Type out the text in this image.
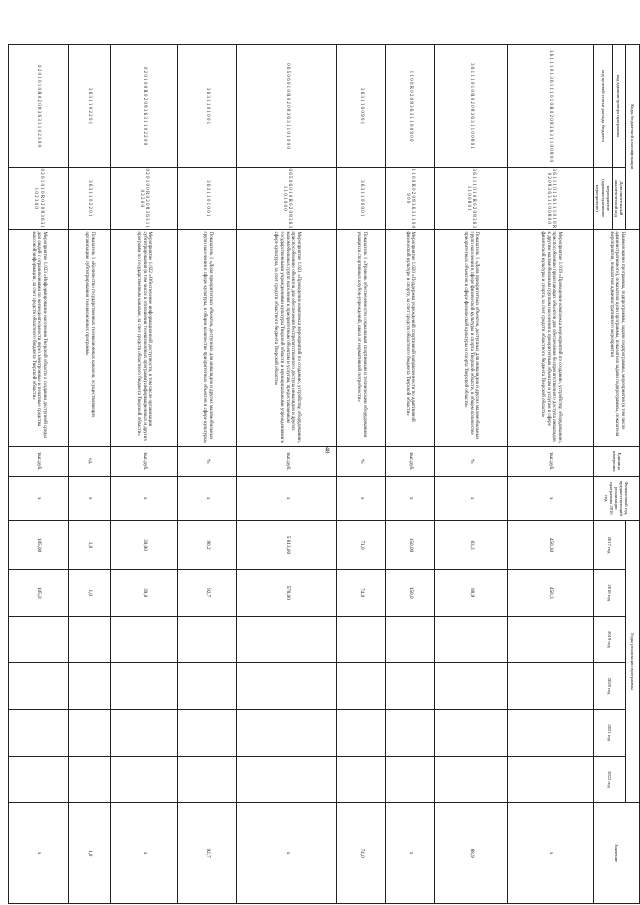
48
Коды бюджетной классификации		Наименование программы, подпрограммы, задачи подпрограммы, мероприятия (в том числе административного), показателя цели программы, показателя задачи подпрограммы, показателя мероприятия, показателя административного мероприятия	Единица измерения	Финансовый год, предшествующий реализации программы 2016 год	Годы реализации программы						Значение
код администратора программы	Дополнительный аналитический код				2017 год	2018 год	2019 год	2020 год	2021 год	2022 год	
код целевой статьи расхода бюджета	мероприятие (административное мероприятие)										
3 6 1 1 1 0 1 3 6 1 1 1 0 1 0 R 0 2 0 8 3 6 3 1 1 0 0 8 0 0	3 6 1 1 1 0 1 3 6 1 1 1 0 1 0 R 0 2 0 8 3 6 3 1 1 0 0 8 0 0	Мероприятие 1.019 «Проведение комплекса мероприятий по созданию, устройству, оборудованию, приспособлению прилегающих объектов для обеспечения беспрепятственного доступа инвалидов к другим маломобильным группам населения к приоритетным объектам и услугам в сфере физической культуры и спорта, за счет средств областного бюджета Тверской области»	тыс.руб.	х	450,30	450,3					х
3 6 1 1 1 0 1 0 R 0 2 0 8 3 6 3 1 1 0 0 8 0 1	3 6 1 1 1 0 1 0 R 0 2 0 8 3 6 3 1 1 0 0 8 0 1	Показатель 1 «Доля приоритетных объектов, доступных для инвалидов и других маломобильных групп населения в сфере физической культуры и спорта Тверской области, в общем количестве приоритетных объектов в сфере физической культуры и спорта Тверской области»	%	х	83,3	88,9					88,9
1 1 0 0 R 0 2 0 8 3 6 3 1 1 0 0 9 0 0	1 1 0 0 R 0 2 0 8 3 6 3 1 1 0 0 9 0 0	Мероприятие 1.020 «Поддержка учреждений спортивной направленности по адаптивной физической культуре и спорту, за счет средств областного бюджета Тверской области»	тыс.руб.	х	150,00	150,0					х
3 6 3 1 1 0 0 9 0 1	3 6 3 1 1 0 0 9 0 1	Показатель 1 «Уровень обеспеченности социальным спортивным и техническим оборудованием учащихся спортивных клубов-учреждений, школ от нормативной потребности»	%	х	71,0	74,0					74,0
0 6 5 0 6 0 1 0 R 0 2 0 8 3 6 3 1 1 0 1 0 0 0	0 6 5 0 6 0 1 0 R 0 2 0 8 3 6 3 1 1 0 1 0 0 0	Мероприятие 1.021 «Проведение комплекса мероприятий по созданию, устройству, оборудованию, приспособлению объектов для обеспечения беспрепятственного доступа инвалидов и других маломобильных групп населения к приоритетным объектам и услугам, предоставляемым государственными учреждениями культуры Тверской области и муниципальными учреждениями в сфере культуры, за счет средств областного бюджета Тверской области»	тыс.руб.	х	5 813,00	578,00					х
3 6 3 1 1 0 1 0 0 1	3 6 3 1 1 0 1 0 0 1	Показатель 1 «Доля приоритетных объектов, доступных для инвалидов и других маломобильных групп населения в сфере культуры, в общем количестве приоритетных объектов в сфере культуры»	%	х	90,2	92,7					92,7
0 2 0 1 0 0 R 0 2 0 8 3 6 3 1 1 0 2 2 0 0	0 2 0 1 0 0 R 0 2 0 8 3 6 3 1 1 0 2 2 0 0	Мероприятие 1.022 «Обеспечение информационной доступности, в том числе организация субтитрирования (в том числе в отношении телевизионных программ) информационных и других программ по государственным каналам, за счет средств областного бюджета Тверской области»	тыс.руб.	х	39,00	39,0					х
3 6 3 1 1 0 2 2 0 1	3 6 3 1 1 0 2 2 0 1	Показатель 1 «Количество государственных телевизионных каналов, осуществляющих организацию субтитрирования телевизионных программ»	ед.	х	1,0	1,0					1,0
0 2 0 1 0 1 0 R 0 2 0 8 3 6 3 1 1 0 2 3 0 0	0 2 0 1 0 1 0 R 0 2 0 8 3 6 3 1 1 0 2 3 0 0	Мероприятие 1.023 «Информирование населения Тверской области о создании доступной среды для людей с ограничениями по жизнедеятельности через электронные и печатные средства массовой информации, за счет средств областного бюджета Тверской области»	тыс.руб.	х	105,00	105,0					х
